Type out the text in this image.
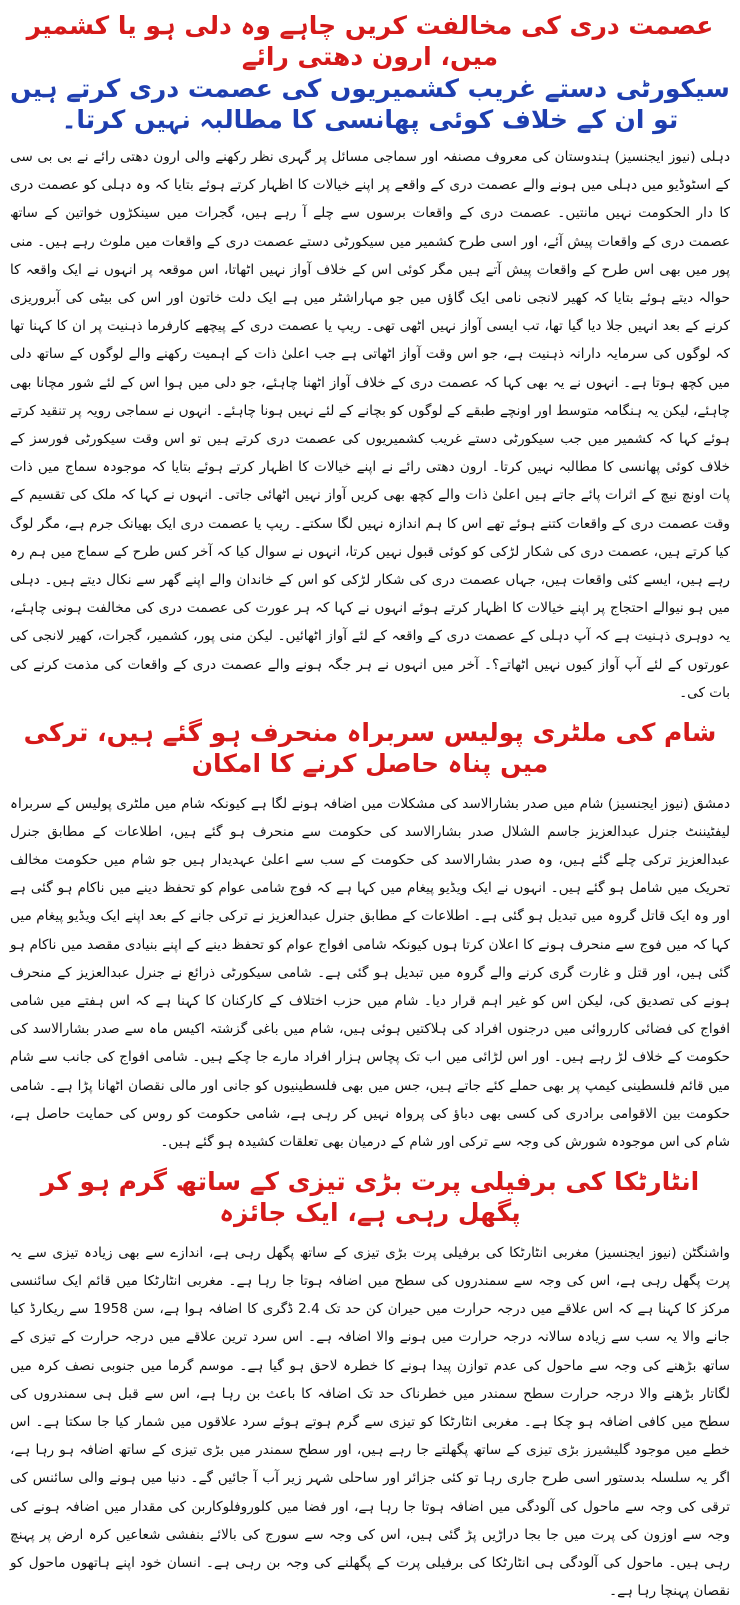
عصمت دری کی مخالفت کریں چاہے وہ دلی ہو یا کشمیر میں، ارون دھتی رائے
سیکورٹی دستے غریب کشمیریوں کی عصمت دری کرتے ہیں تو ان کے خلاف کوئی پھانسی کا مطالبہ نہیں کرتا۔

دہلی (نیوز ایجنسیز) ہندوستان کی معروف مصنفہ اور سماجی مسائل پر گہری نظر رکھنے والی ارون دھتی رائے نے بی بی سی کے اسٹوڈیو میں دہلی میں ہونے والے عصمت دری کے واقعے پر اپنے خیالات کا اظہار کرتے ہوئے بتایا کہ وہ دہلی کو عصمت دری کا دار الحکومت نہیں مانتیں۔ عصمت دری کے واقعات برسوں سے چلے آ رہے ہیں، گجرات میں سینکڑوں خواتین کے ساتھ عصمت دری کے واقعات پیش آئے، اور اسی طرح کشمیر میں سیکورٹی دستے عصمت دری کے واقعات میں ملوث رہے ہیں۔ منی پور میں بھی اس طرح کے واقعات پیش آتے ہیں مگر کوئی اس کے خلاف آواز نہیں اٹھاتا، اس موقعہ پر انہوں نے ایک واقعہ کا حوالہ دیتے ہوئے بتایا کہ کھیر لانجی نامی ایک گاؤں میں جو مہاراشٹر میں ہے ایک دلت خاتون اور اس کی بیٹی کی آبروریزی کرنے کے بعد انہیں جلا دیا گیا تھا، تب ایسی آواز نہیں اٹھی تھی۔ ریپ یا عصمت دری کے پیچھے کارفرما ذہنیت پر ان کا کہنا تھا کہ لوگوں کی سرمایہ دارانہ ذہنیت ہے، جو اس وقت آواز اٹھاتی ہے جب اعلیٰ ذات کے اہمیت رکھنے والے لوگوں کے ساتھ دلی میں کچھ ہوتا ہے۔ انہوں نے یہ بھی کہا کہ عصمت دری کے خلاف آواز اٹھنا چاہئے، جو دلی میں ہوا اس کے لئے شور مچانا بھی چاہئے، لیکن یہ ہنگامہ متوسط اور اونچے طبقے کے لوگوں کو بچانے کے لئے نہیں ہونا چاہئے۔ انہوں نے سماجی رویہ پر تنقید کرتے ہوئے کہا کہ کشمیر میں جب سیکورٹی دستے غریب کشمیریوں کی عصمت دری کرتے ہیں تو اس وقت سیکورٹی فورسز کے خلاف کوئی پھانسی کا مطالبہ نہیں کرتا۔ ارون دھتی رائے نے اپنے خیالات کا اظہار کرتے ہوئے بتایا کہ موجودہ سماج میں ذات پات اونچ نیچ کے اثرات پائے جاتے ہیں اعلیٰ ذات والے کچھ بھی کریں آواز نہیں اٹھائی جاتی۔ انہوں نے کہا کہ ملک کی تقسیم کے وقت عصمت دری کے واقعات کتنے ہوئے تھے اس کا ہم اندازہ نہیں لگا سکتے۔ ریپ یا عصمت دری ایک بھیانک جرم ہے، مگر لوگ کیا کرتے ہیں، عصمت دری کی شکار لڑکی کو کوئی قبول نہیں کرتا، انہوں نے سوال کیا کہ آخر کس طرح کے سماج میں ہم رہ رہے ہیں، ایسے کئی واقعات ہیں، جہاں عصمت دری کی شکار لڑکی کو اس کے خاندان والے اپنے گھر سے نکال دیتے ہیں۔ دہلی میں ہو نیوالے احتجاج پر اپنے خیالات کا اظہار کرتے ہوئے انہوں نے کہا کہ ہر عورت کی عصمت دری کی مخالفت ہونی چاہئے، یہ دوہری ذہنیت ہے کہ آپ دہلی کے عصمت دری کے واقعہ کے لئے آواز اٹھائیں۔ لیکن منی پور، کشمیر، گجرات، کھیر لانجی کی عورتوں کے لئے آپ آواز کیوں نہیں اٹھاتے؟۔ آخر میں انہوں نے ہر جگہ ہونے والے عصمت دری کے واقعات کی مذمت کرنے کی بات کی۔

شام کی ملٹری پولیس سربراہ منحرف ہو گئے ہیں، ترکی میں پناہ حاصل کرنے کا امکان

دمشق (نیوز ایجنسیز) شام میں صدر بشارالاسد کی مشکلات میں اضافہ ہونے لگا ہے کیونکہ شام میں ملٹری پولیس کے سربراہ لیفٹیننٹ جنرل عبدالعزیز جاسم الشلال صدر بشارالاسد کی حکومت سے منحرف ہو گئے ہیں، اطلاعات کے مطابق جنرل عبدالعزیز ترکی چلے گئے ہیں، وہ صدر بشارالاسد کی حکومت کے سب سے اعلیٰ عہدیدار ہیں جو شام میں حکومت مخالف تحریک میں شامل ہو گئے ہیں۔ انہوں نے ایک ویڈیو پیغام میں کہا ہے کہ فوج شامی عوام کو تحفظ دینے میں ناکام ہو گئی ہے اور وہ ایک قاتل گروہ میں تبدیل ہو گئی ہے۔ اطلاعات کے مطابق جنرل عبدالعزیز نے ترکی جانے کے بعد اپنے ایک ویڈیو پیغام میں کہا کہ میں فوج سے منحرف ہونے کا اعلان کرتا ہوں کیونکہ شامی افواج عوام کو تحفظ دینے کے اپنے بنیادی مقصد میں ناکام ہو گئی ہیں، اور قتل و غارت گری کرنے والے گروہ میں تبدیل ہو گئی ہے۔ شامی سیکورٹی ذرائع نے جنرل عبدالعزیز کے منحرف ہونے کی تصدیق کی، لیکن اس کو غیر اہم قرار دیا۔ شام میں حزب اختلاف کے کارکنان کا کہنا ہے کہ اس ہفتے میں شامی افواج کی فضائی کارروائی میں درجنوں افراد کی ہلاکتیں ہوئی ہیں، شام میں باغی گزشتہ اکیس ماہ سے صدر بشارالاسد کی حکومت کے خلاف لڑ رہے ہیں۔ اور اس لڑائی میں اب تک پچاس ہزار افراد مارے جا چکے ہیں۔ شامی افواج کی جانب سے شام میں قائم فلسطینی کیمپ پر بھی حملے کئے جاتے ہیں، جس میں بھی فلسطینیوں کو جانی اور مالی نقصان اٹھانا پڑا ہے۔ شامی حکومت بین الاقوامی برادری کی کسی بھی دباؤ کی پرواہ نہیں کر رہی ہے، شامی حکومت کو روس کی حمایت حاصل ہے، شام کی اس موجودہ شورش کی وجہ سے ترکی اور شام کے درمیان بھی تعلقات کشیدہ ہو گئے ہیں۔

انٹارٹکا کی برفیلی پرت بڑی تیزی کے ساتھ گرم ہو کر پگھل رہی ہے، ایک جائزہ

واشنگٹن (نیوز ایجنسیز) مغربی انٹارٹکا کی برفیلی پرت بڑی تیزی کے ساتھ پگھل رہی ہے، اندازے سے بھی زیادہ تیزی سے یہ پرت پگھل رہی ہے، اس کی وجہ سے سمندروں کی سطح میں اضافہ ہوتا جا رہا ہے۔ مغربی انٹارٹکا میں قائم ایک سائنسی مرکز کا کہنا ہے کہ اس علاقے میں درجہ حرارت میں حیران کن حد تک 2.4 ڈگری کا اضافہ ہوا ہے، سن 1958 سے ریکارڈ کیا جانے والا یہ سب سے زیادہ سالانہ درجہ حرارت میں ہونے والا اضافہ ہے۔ اس سرد ترین علاقے میں درجہ حرارت کے تیزی کے ساتھ بڑھنے کی وجہ سے ماحول کی عدم توازن پیدا ہونے کا خطرہ لاحق ہو گیا ہے۔ موسم گرما میں جنوبی نصف کرہ میں لگاتار بڑھنے والا درجہ حرارت سطح سمندر میں خطرناک حد تک اضافہ کا باعث بن رہا ہے، اس سے قبل ہی سمندروں کی سطح میں کافی اضافہ ہو چکا ہے۔ مغربی انٹارٹکا کو تیزی سے گرم ہوتے ہوئے سرد علاقوں میں شمار کیا جا سکتا ہے۔ اس خطے میں موجود گلیشیرز بڑی تیزی کے ساتھ پگھلتے جا رہے ہیں، اور سطح سمندر میں بڑی تیزی کے ساتھ اضافہ ہو رہا ہے، اگر یہ سلسلہ بدستور اسی طرح جاری رہا تو کئی جزائر اور ساحلی شہر زیر آب آ جائیں گے۔ دنیا میں ہونے والی سائنس کی ترقی کی وجہ سے ماحول کی آلودگی میں اضافہ ہوتا جا رہا ہے، اور فضا میں کلوروفلوکاربن کی مقدار میں اضافہ ہونے کی وجہ سے اوزون کی پرت میں جا بجا دراڑیں پڑ گئی ہیں، اس کی وجہ سے سورج کی بالائے بنفشی شعاعیں کرہ ارض پر پہنچ رہی ہیں۔ ماحول کی آلودگی ہی انٹارٹکا کی برفیلی پرت کے پگھلنے کی وجہ بن رہی ہے۔ انسان خود اپنے ہاتھوں ماحول کو نقصان پہنچا رہا ہے۔
